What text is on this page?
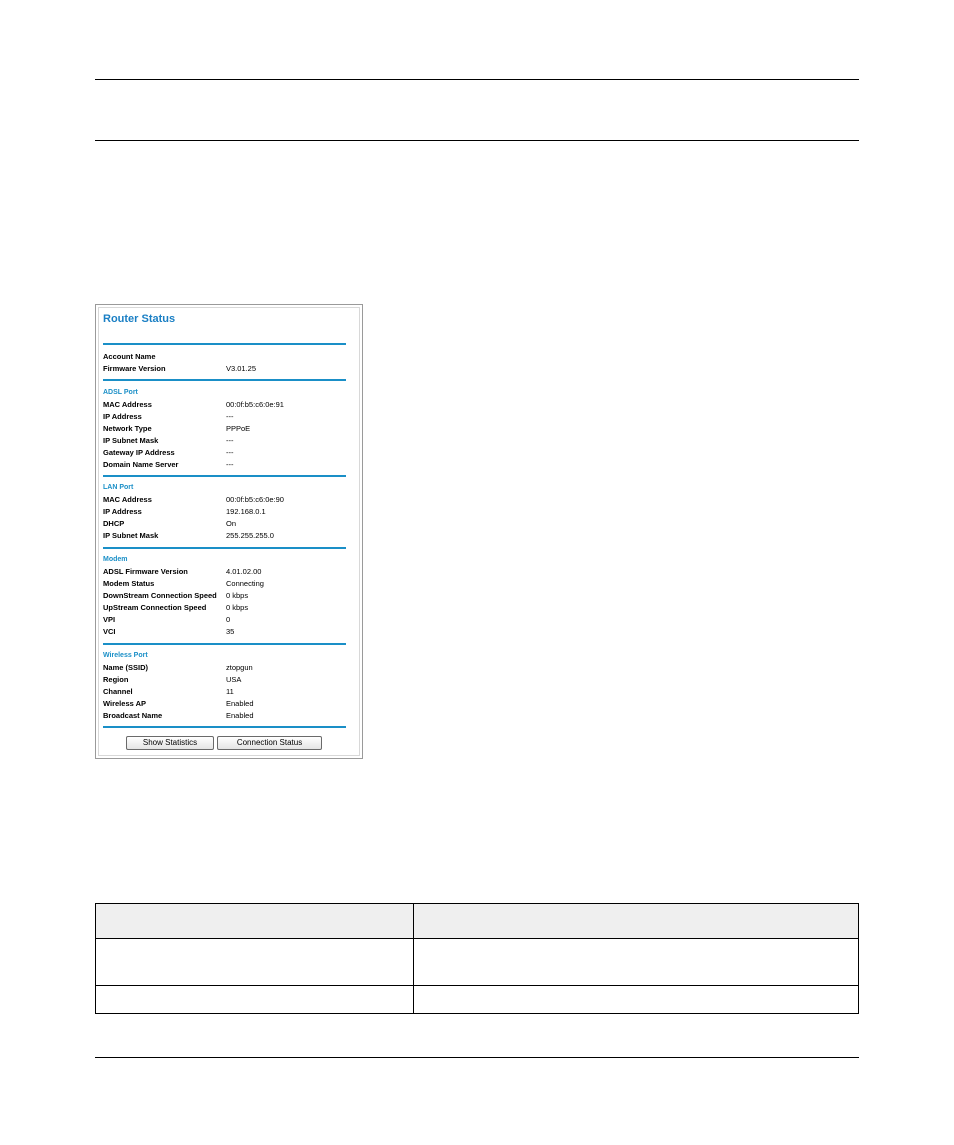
Router Status
Account Name
Firmware Version	V3.01.25
ADSL Port
MAC Address	00:0f:b5:c6:0e:91
IP Address	---
Network Type	PPPoE
IP Subnet Mask	---
Gateway IP Address	---
Domain Name Server	---
LAN Port
MAC Address	00:0f:b5:c6:0e:90
IP Address	192.168.0.1
DHCP	On
IP Subnet Mask	255.255.255.0
Modem
ADSL Firmware Version	4.01.02.00
Modem Status	Connecting
DownStream Connection Speed 0 kbps
UpStream Connection Speed	0 kbps
VPI	0
VCI	35
Wireless Port
Name (SSID)	ztopgun
Region	USA
Channel	11
Wireless AP	Enabled
Broadcast Name	Enabled
Show Statistics	Connection Status
